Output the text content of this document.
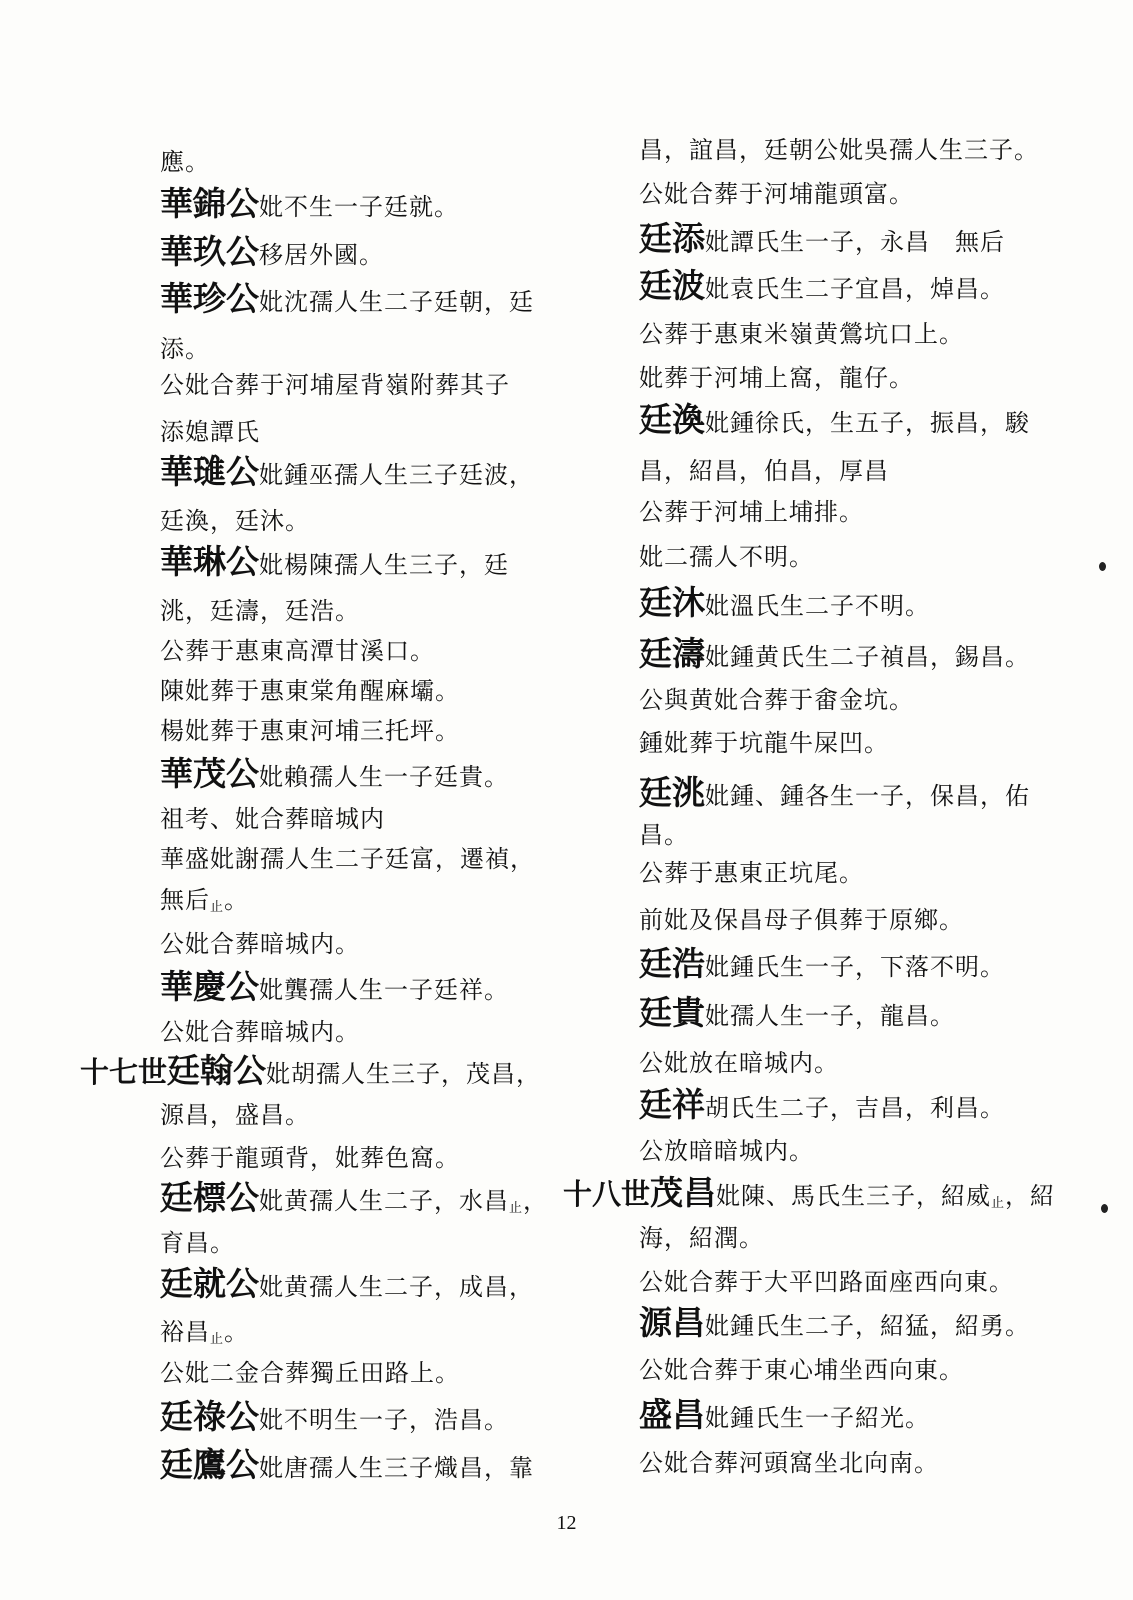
應。
華錦公妣不生一子廷就。
華玖公移居外國。
華珍公妣沈孺人生二子廷朝，廷
添。
公妣合葬于河埔屋背嶺附葬其子
添媳譚氏
華璡公妣鍾巫孺人生三子廷波，
廷渙，廷沐。
華琳公妣楊陳孺人生三子，廷
洮，廷濤，廷浩。
公葬于惠東高潭甘溪口。
陳妣葬于惠東棠角醒麻壩。
楊妣葬于惠東河埔三托坪。
華茂公妣賴孺人生一子廷貴。
祖考、妣合葬暗城内
華盛妣謝孺人生二子廷富，遷禎，
無后$_止$。
公妣合葬暗城内。
華慶公妣龔孺人生一子廷祥。
公妣合葬暗城内。
十七世廷翰公妣胡孺人生三子，茂昌，
源昌，盛昌。
公葬于龍頭背，妣葬色窩。
廷標公妣黄孺人生二子，水昌$_止$，
育昌。
廷就公妣黄孺人生二子，成昌，
裕昌$_止$。
公妣二金合葬獨丘田路上。
廷祿公妣不明生一子，浩昌。
廷鷹公妣唐孺人生三子熾昌，靠
昌，誼昌，廷朝公妣吳孺人生三子。
公妣合葬于河埔龍頭富。
廷添妣譚氏生一子，永昌　無后
廷波妣袁氏生二子宜昌，焯昌。
公葬于惠東米嶺黄鶯坑口上。
妣葬于河埔上窩，龍仔。
廷渙妣鍾徐氏，生五子，振昌，駿
昌，紹昌，伯昌，厚昌
公葬于河埔上埔排。
妣二孺人不明。
廷沐妣溫氏生二子不明。
廷濤妣鍾黄氏生二子禎昌，錫昌。
公與黄妣合葬于畬金坑。
鍾妣葬于坑龍牛屎凹。
廷洮妣鍾、鍾各生一子，保昌，佑
昌。
公葬于惠東正坑尾。
前妣及保昌母子俱葬于原鄉。
廷浩妣鍾氏生一子，下落不明。
廷貴妣孺人生一子，龍昌。
公妣放在暗城内。
廷祥胡氏生二子，吉昌，利昌。
公放暗暗城内。
十八世茂昌妣陳、馬氏生三子，紹威$_止$，紹
海，紹潤。
公妣合葬于大平凹路面座西向東。
源昌妣鍾氏生二子，紹猛，紹勇。
公妣合葬于東心埔坐西向東。
盛昌妣鍾氏生一子紹光。
公妣合葬河頭窩坐北向南。
12
